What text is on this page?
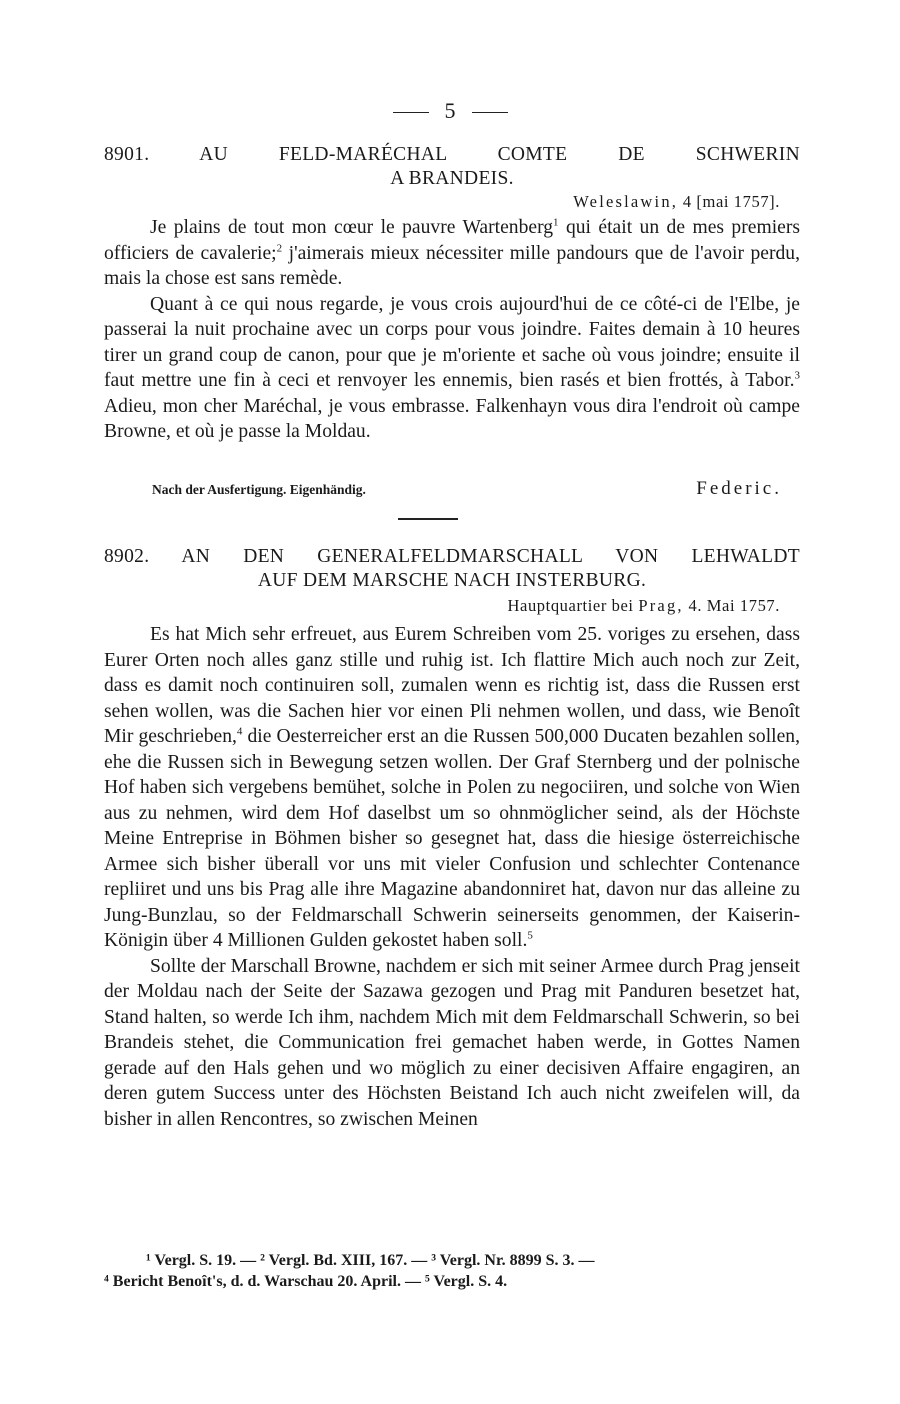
5
8901.	AU FELD-MARÉCHAL COMTE DE SCHWERIN
A BRANDEIS.
Weleslawin, 4 [mai 1757].

Je plains de tout mon cœur le pauvre Wartenberg$^1$ qui était un de mes premiers officiers de cavalerie;$^2$ j'aimerais mieux nécessiter mille pandours que de l'avoir perdu, mais la chose est sans remède.

Quant à ce qui nous regarde, je vous crois aujourd'hui de ce côté-ci de l'Elbe, je passerai la nuit prochaine avec un corps pour vous joindre. Faites demain à 10 heures tirer un grand coup de canon, pour que je m'oriente et sache où vous joindre; ensuite il faut mettre une fin à ceci et renvoyer les ennemis, bien rasés et bien frottés, à Tabor.$^3$ Adieu, mon cher Maréchal, je vous embrasse. Falkenhayn vous dira l'endroit où campe Browne, et où je passe la Moldau.

Nach der Ausfertigung. Eigenhändig.	Federic.
8902. AN DEN GENERALFELDMARSCHALL VON LEHWALDT
AUF DEM MARSCHE NACH INSTERBURG.
Hauptquartier bei Prag, 4. Mai 1757.

Es hat Mich sehr erfreuet, aus Eurem Schreiben vom 25. voriges zu ersehen, dass Eurer Orten noch alles ganz stille und ruhig ist. Ich flattire Mich auch noch zur Zeit, dass es damit noch continuiren soll, zumalen wenn es richtig ist, dass die Russen erst sehen wollen, was die Sachen hier vor einen Pli nehmen wollen, und dass, wie Benoît Mir geschrieben,$^4$ die Oesterreicher erst an die Russen 500,000 Ducaten bezahlen sollen, ehe die Russen sich in Bewegung setzen wollen. Der Graf Sternberg und der polnische Hof haben sich vergebens bemühet, solche in Polen zu negociiren, und solche von Wien aus zu nehmen, wird dem Hof daselbst um so ohnmöglicher seind, als der Höchste Meine Entreprise in Böhmen bisher so gesegnet hat, dass die hiesige österreichische Armee sich bisher überall vor uns mit vieler Confusion und schlechter Contenance repliiret und uns bis Prag alle ihre Magazine abandonniret hat, davon nur das alleine zu Jung-Bunzlau, so der Feldmarschall Schwerin seinerseits genommen, der Kaiserin-Königin über 4 Millionen Gulden gekostet haben soll.$^5$

Sollte der Marschall Browne, nachdem er sich mit seiner Armee durch Prag jenseit der Moldau nach der Seite der Sazawa gezogen und Prag mit Panduren besetzet hat, Stand halten, so werde Ich ihm, nachdem Mich mit dem Feldmarschall Schwerin, so bei Brandeis stehet, die Communication frei gemachet haben werde, in Gottes Namen gerade auf den Hals gehen und wo möglich zu einer decisiven Affaire engagiren, an deren gutem Success unter des Höchsten Beistand Ich auch nicht zweifelen will, da bisher in allen Rencontres, so zwischen Meinen

¹ Vergl. S. 19. — ² Vergl. Bd. XIII, 167. — ³ Vergl. Nr. 8899 S. 3. —
⁴ Bericht Benoît's, d. d. Warschau 20. April. — ⁵ Vergl. S. 4.
